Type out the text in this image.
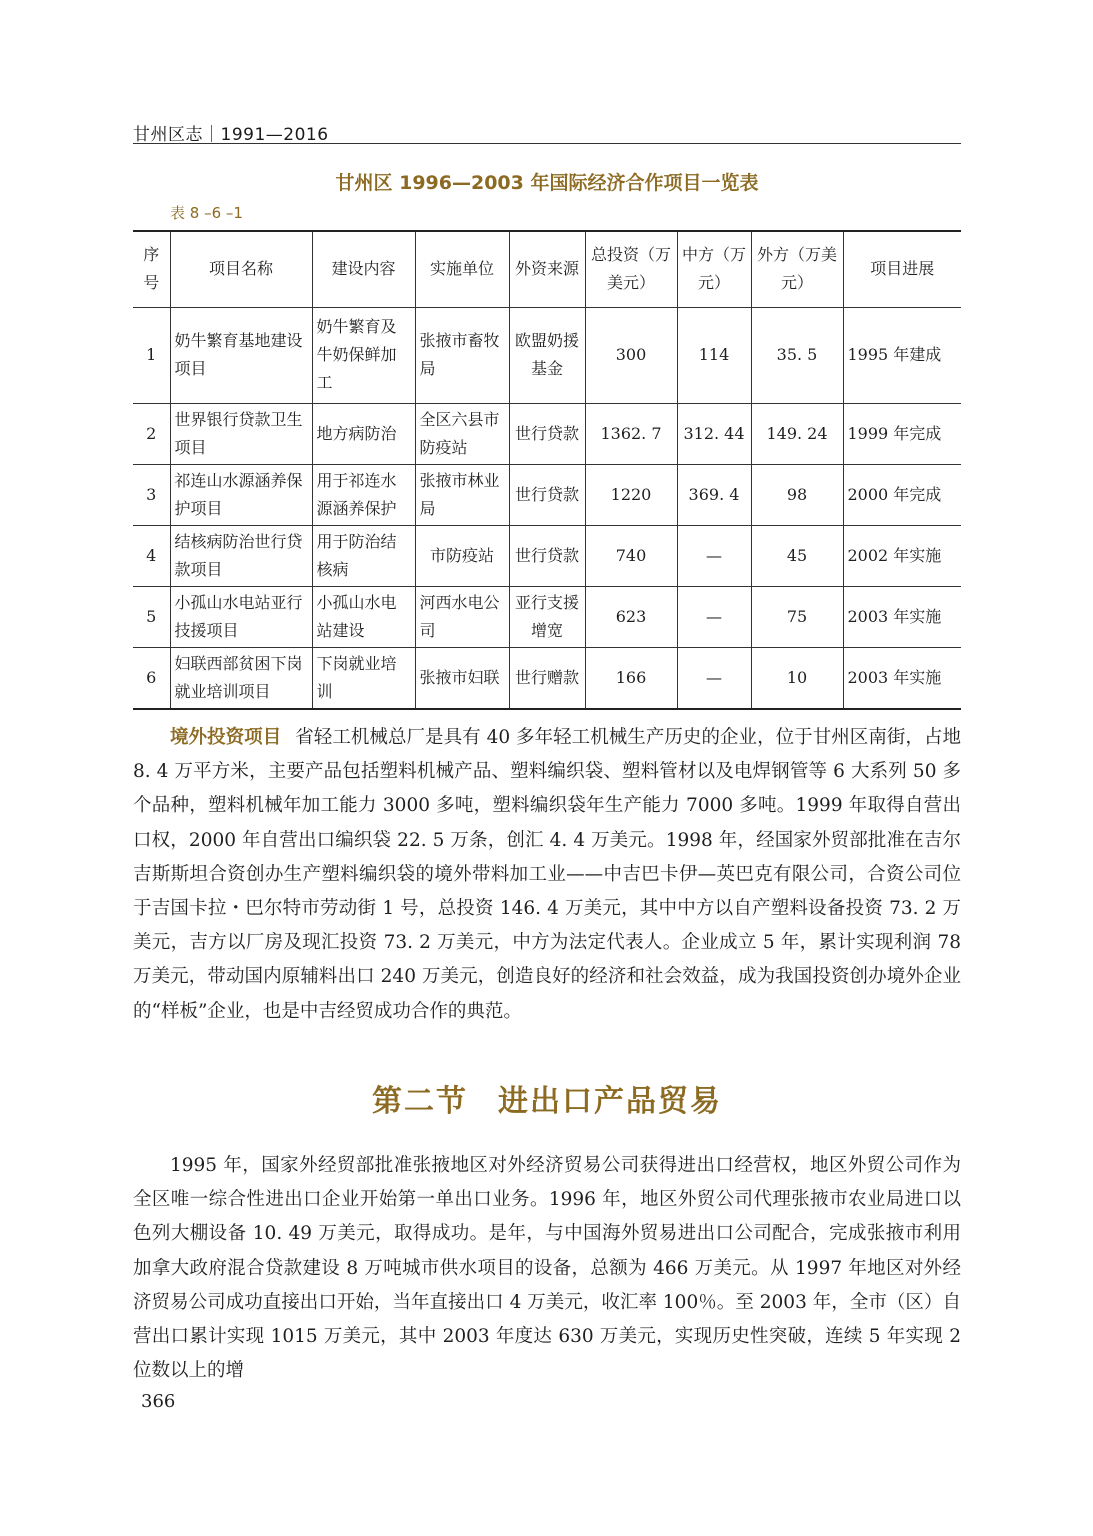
甘州区志｜1991—2016
甘州区 1996—2003 年国际经济合作项目一览表
表 8 –6 –1
序号	项目名称	建设内容	实施单位	外资来源	总投资（万美元）	中方（万元）	外方（万美元）	项目进展
1	奶牛繁育基地建设项目	奶牛繁育及牛奶保鲜加工	张掖市畜牧局	欧盟奶援基金	300	114	35. 5	1995 年建成
2	世界银行贷款卫生项目	地方病防治	全区六县市防疫站	世行贷款	1362. 7	312. 44	149. 24	1999 年完成
3	祁连山水源涵养保护项目	用于祁连水源涵养保护	张掖市林业局	世行贷款	1220	369. 4	98	2000 年完成
4	结核病防治世行贷款项目	用于防治结核病	市防疫站	世行贷款	740	—	45	2002 年实施
5	小孤山水电站亚行技援项目	小孤山水电站建设	河西水电公司	亚行支援增宽	623	—	75	2003 年实施
6	妇联西部贫困下岗就业培训项目	下岗就业培训	张掖市妇联	世行赠款	166	—	10	2003 年实施
境外投资项目 省轻工机械总厂是具有 40 多年轻工机械生产历史的企业，位于甘州区南街，占地 8. 4 万平方米，主要产品包括塑料机械产品、塑料编织袋、塑料管材以及电焊钢管等 6 大系列 50 多个品种，塑料机械年加工能力 3000 多吨，塑料编织袋年生产能力 7000 多吨。1999 年取得自营出口权，2000 年自营出口编织袋 22. 5 万条，创汇 4. 4 万美元。1998 年，经国家外贸部批准在吉尔吉斯斯坦合资创办生产塑料编织袋的境外带料加工业——中吉巴卡伊—英巴克有限公司，合资公司位于吉国卡拉・巴尔特市劳动街 1 号，总投资 146. 4 万美元，其中中方以自产塑料设备投资 73. 2 万美元，吉方以厂房及现汇投资 73. 2 万美元，中方为法定代表人。企业成立 5 年，累计实现利润 78 万美元，带动国内原辅料出口 240 万美元，创造良好的经济和社会效益，成为我国投资创办境外企业的“样板”企业，也是中吉经贸成功合作的典范。
第二节 进出口产品贸易
1995 年，国家外经贸部批准张掖地区对外经济贸易公司获得进出口经营权，地区外贸公司作为全区唯一综合性进出口企业开始第一单出口业务。1996 年，地区外贸公司代理张掖市农业局进口以色列大棚设备 10. 49 万美元，取得成功。是年，与中国海外贸易进出口公司配合，完成张掖市利用加拿大政府混合贷款建设 8 万吨城市供水项目的设备，总额为 466 万美元。从 1997 年地区对外经济贸易公司成功直接出口开始，当年直接出口 4 万美元，收汇率 100％。至 2003 年，全市（区）自营出口累计实现 1015 万美元，其中 2003 年度达 630 万美元，实现历史性突破，连续 5 年实现 2 位数以上的增
366
